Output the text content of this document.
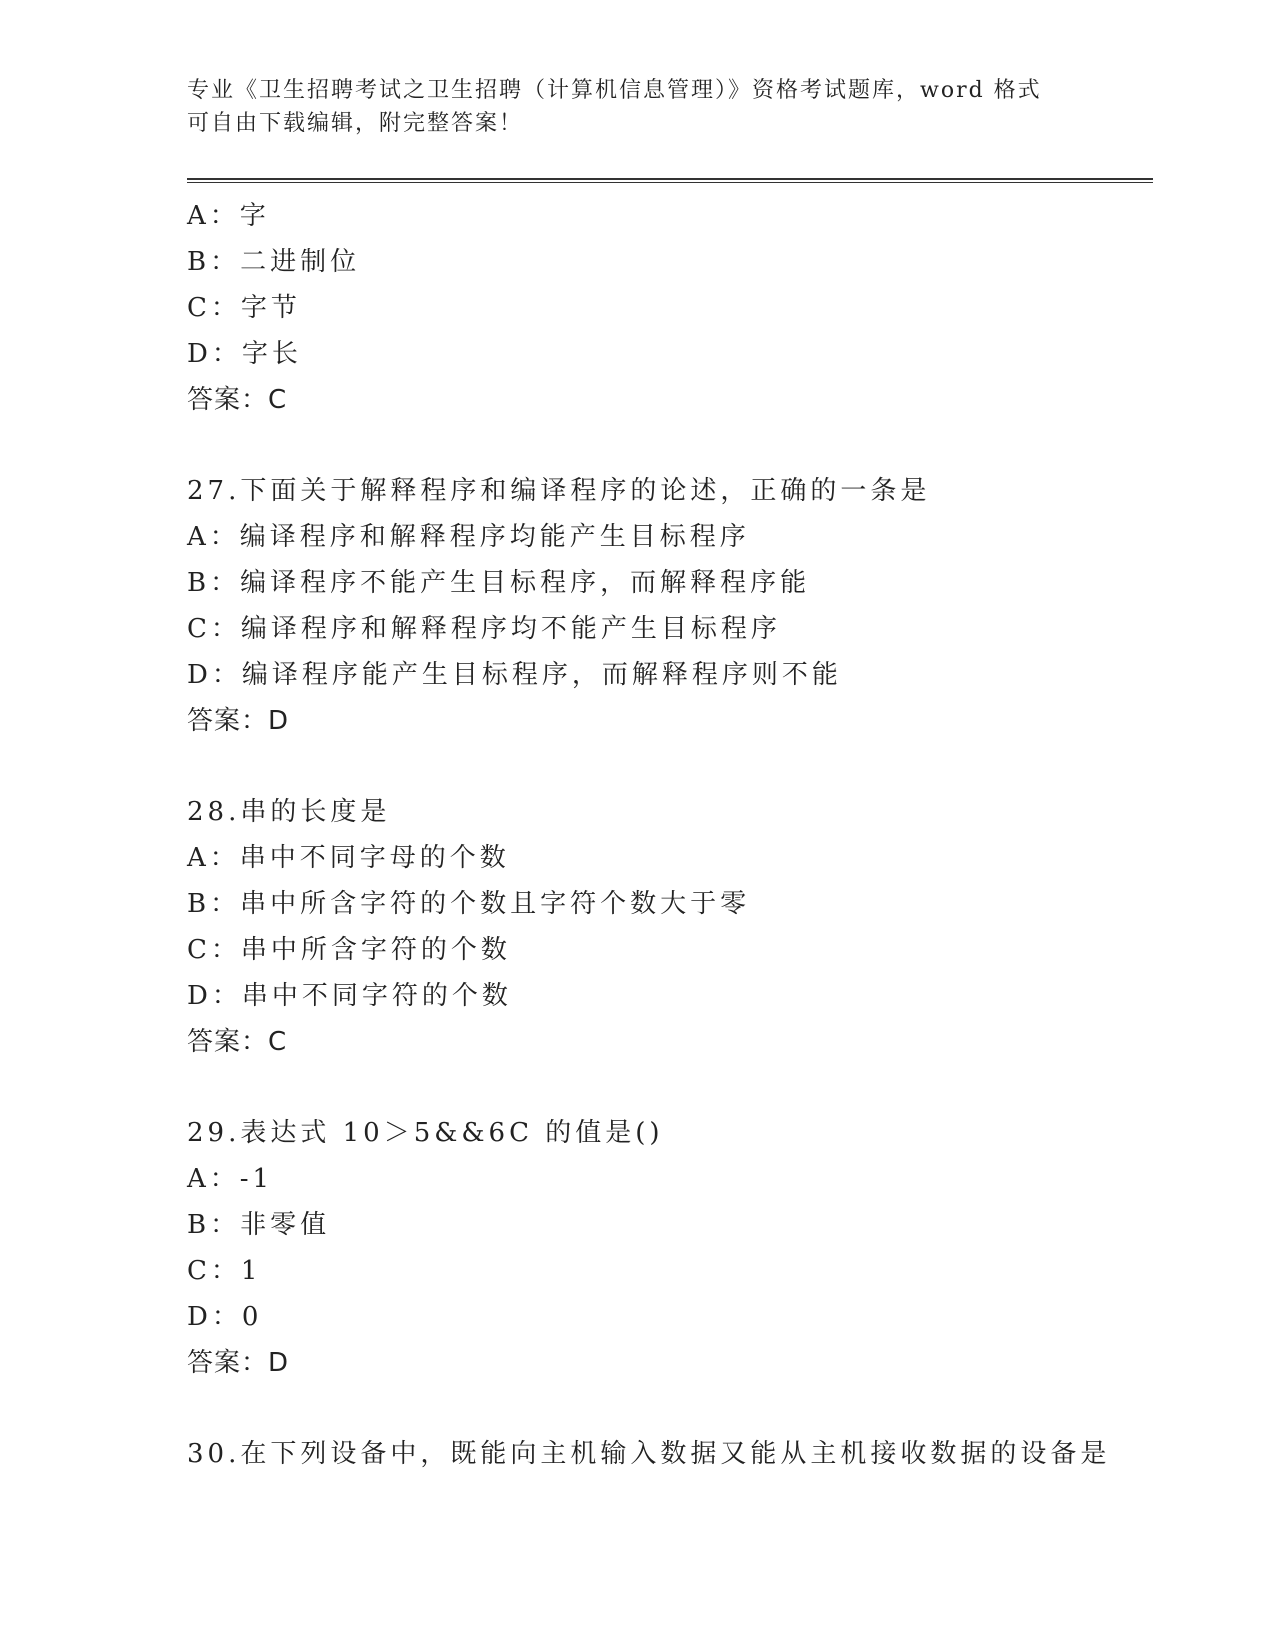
专业《卫生招聘考试之卫生招聘（计算机信息管理）》资格考试题库，word 格式
可自由下载编辑，附完整答案！
A：字
B：二进制位
C：字节
D：字长
答案：C
27.下面关于解释程序和编译程序的论述，正确的一条是
A：编译程序和解释程序均能产生目标程序
B：编译程序不能产生目标程序，而解释程序能
C：编译程序和解释程序均不能产生目标程序
D：编译程序能产生目标程序，而解释程序则不能
答案：D
28.串的长度是
A：串中不同字母的个数
B：串中所含字符的个数且字符个数大于零
C：串中所含字符的个数
D：串中不同字符的个数
答案：C
29.表达式 10＞5&&6C 的值是()
A：-1
B：非零值
C：1
D：0
答案：D
30.在下列设备中，既能向主机输入数据又能从主机接收数据的设备是
